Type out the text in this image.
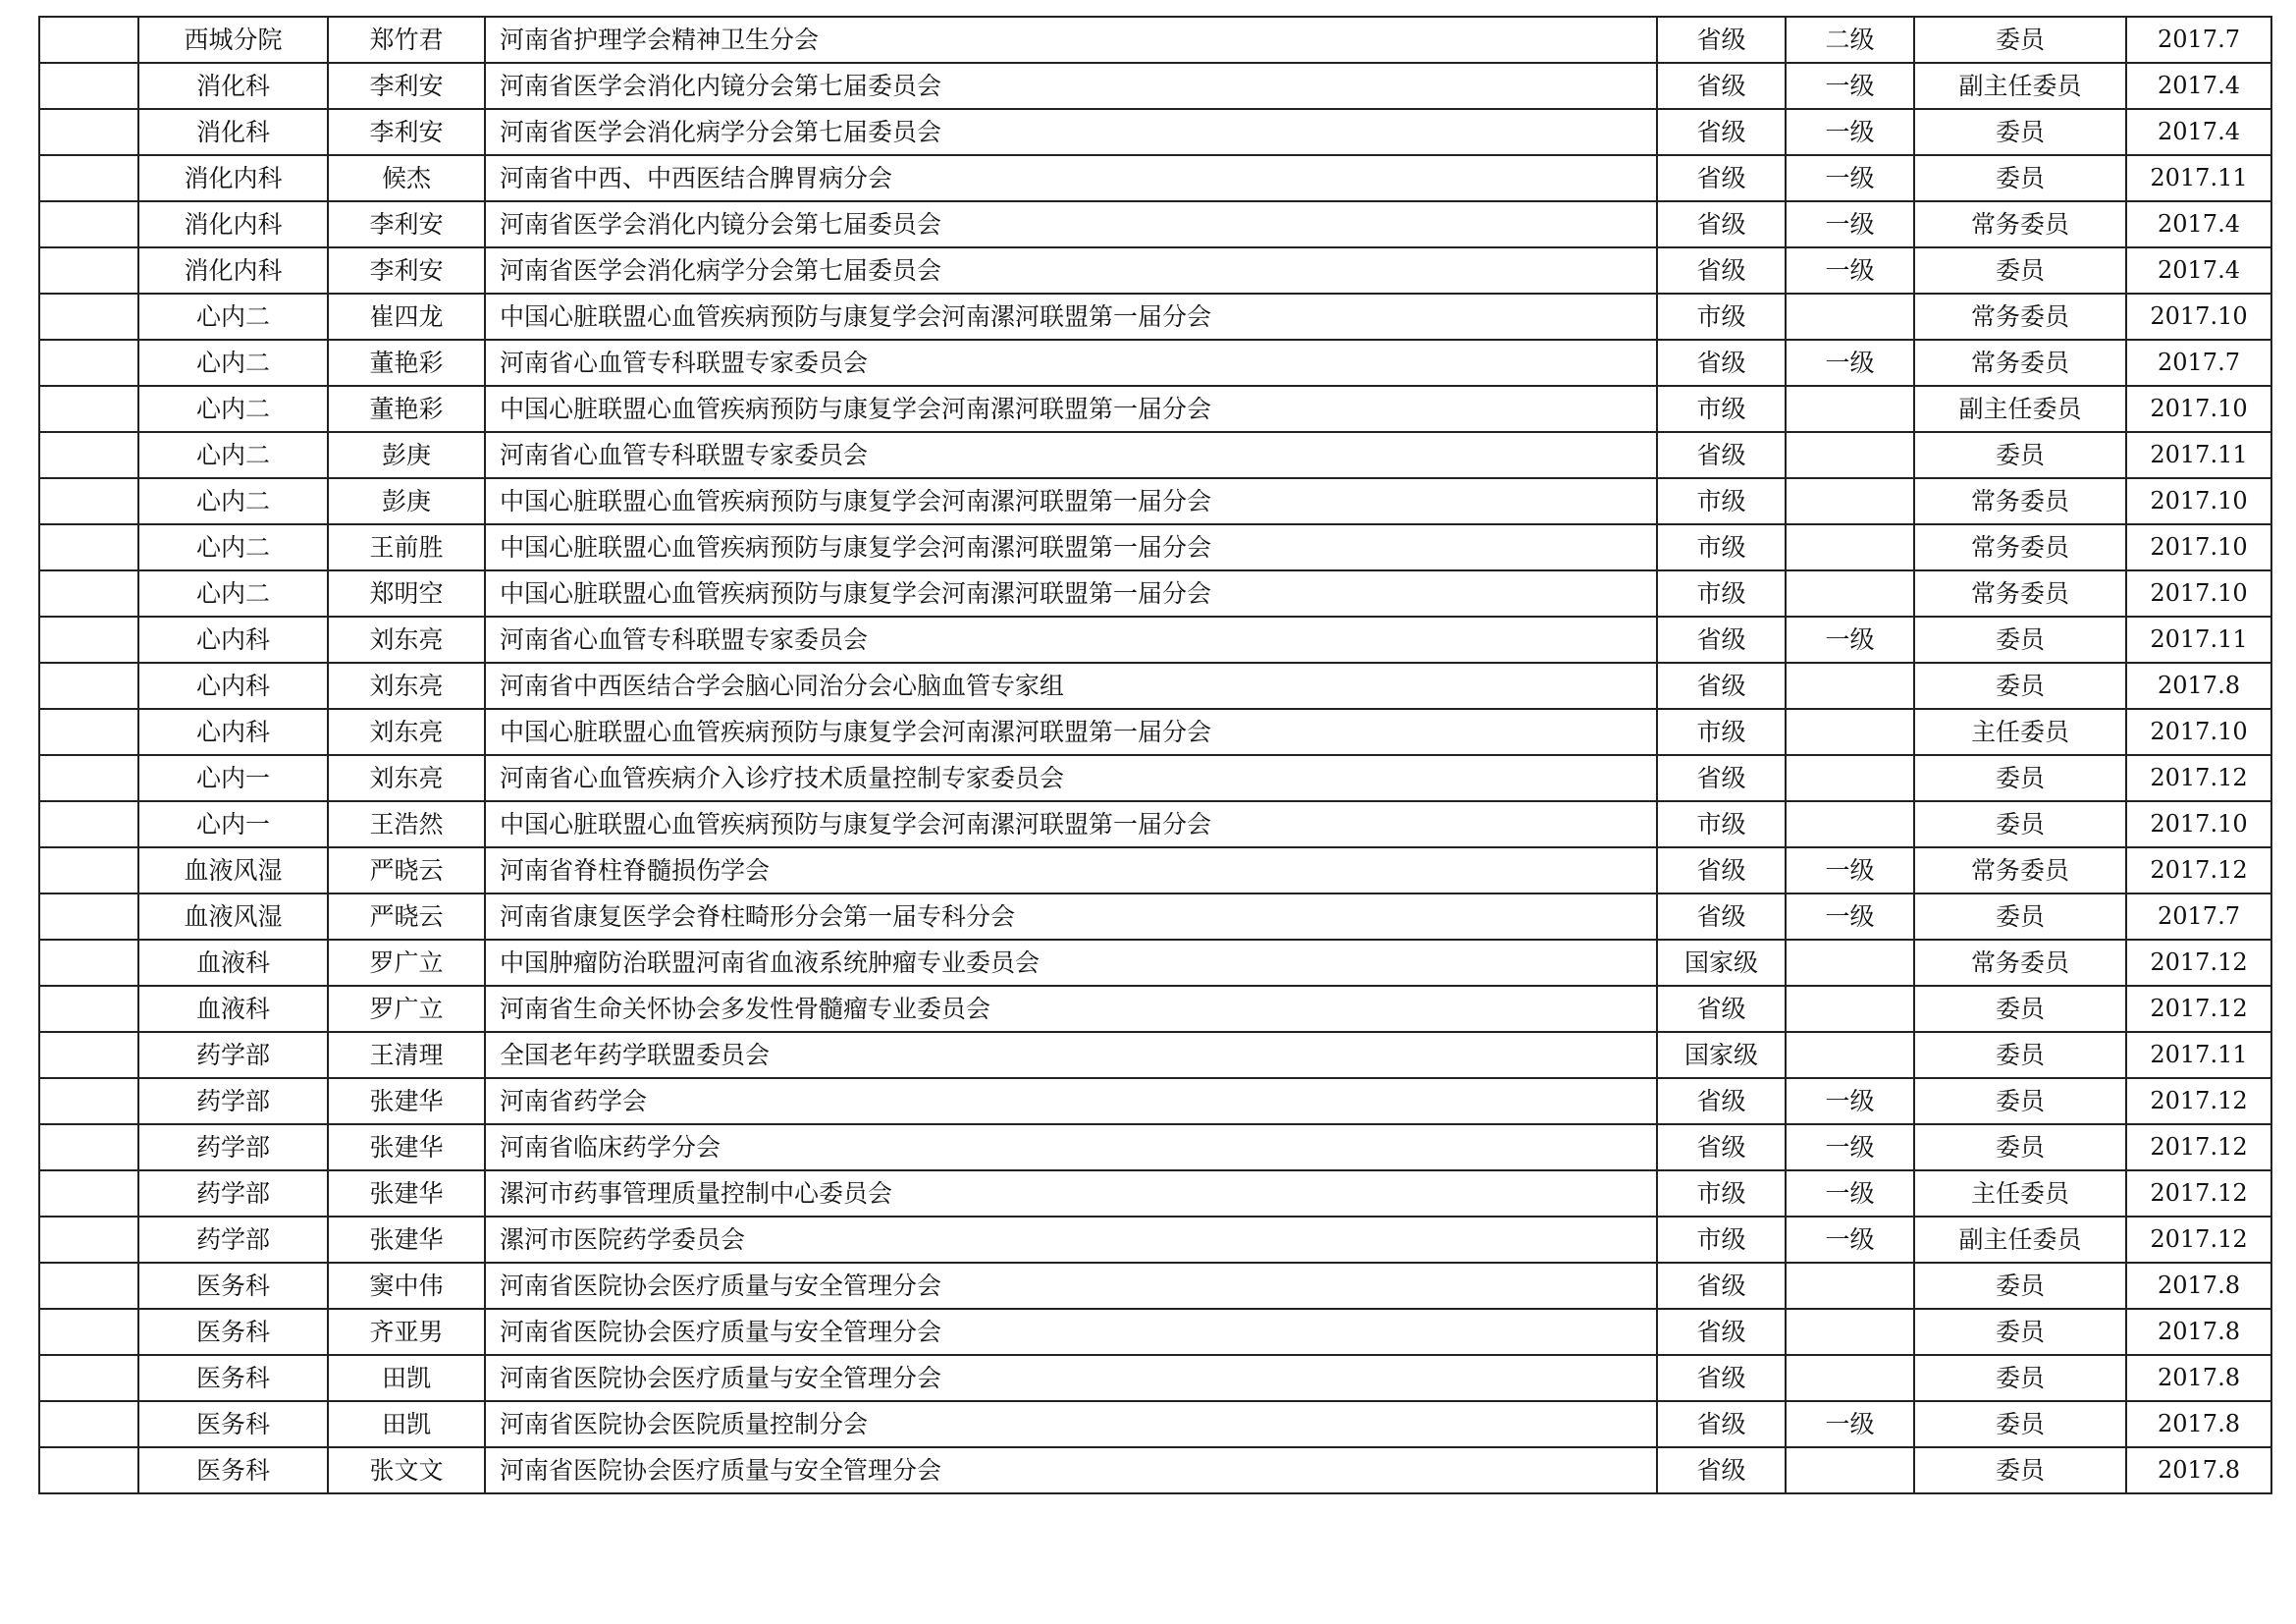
	西城分院	郑竹君	河南省护理学会精神卫生分会	省级	二级	委员	2017.7
	消化科	李利安	河南省医学会消化内镜分会第七届委员会	省级	一级	副主任委员	2017.4
	消化科	李利安	河南省医学会消化病学分会第七届委员会	省级	一级	委员	2017.4
	消化内科	候杰	河南省中西、中西医结合脾胃病分会	省级	一级	委员	2017.11
	消化内科	李利安	河南省医学会消化内镜分会第七届委员会	省级	一级	常务委员	2017.4
	消化内科	李利安	河南省医学会消化病学分会第七届委员会	省级	一级	委员	2017.4
	心内二	崔四龙	中国心脏联盟心血管疾病预防与康复学会河南漯河联盟第一届分会	市级		常务委员	2017.10
	心内二	董艳彩	河南省心血管专科联盟专家委员会	省级	一级	常务委员	2017.7
	心内二	董艳彩	中国心脏联盟心血管疾病预防与康复学会河南漯河联盟第一届分会	市级		副主任委员	2017.10
	心内二	彭庚	河南省心血管专科联盟专家委员会	省级		委员	2017.11
	心内二	彭庚	中国心脏联盟心血管疾病预防与康复学会河南漯河联盟第一届分会	市级		常务委员	2017.10
	心内二	王前胜	中国心脏联盟心血管疾病预防与康复学会河南漯河联盟第一届分会	市级		常务委员	2017.10
	心内二	郑明空	中国心脏联盟心血管疾病预防与康复学会河南漯河联盟第一届分会	市级		常务委员	2017.10
	心内科	刘东亮	河南省心血管专科联盟专家委员会	省级	一级	委员	2017.11
	心内科	刘东亮	河南省中西医结合学会脑心同治分会心脑血管专家组	省级		委员	2017.8
	心内科	刘东亮	中国心脏联盟心血管疾病预防与康复学会河南漯河联盟第一届分会	市级		主任委员	2017.10
	心内一	刘东亮	河南省心血管疾病介入诊疗技术质量控制专家委员会	省级		委员	2017.12
	心内一	王浩然	中国心脏联盟心血管疾病预防与康复学会河南漯河联盟第一届分会	市级		委员	2017.10
	血液风湿	严晓云	河南省脊柱脊髓损伤学会	省级	一级	常务委员	2017.12
	血液风湿	严晓云	河南省康复医学会脊柱畸形分会第一届专科分会	省级	一级	委员	2017.7
	血液科	罗广立	中国肿瘤防治联盟河南省血液系统肿瘤专业委员会	国家级		常务委员	2017.12
	血液科	罗广立	河南省生命关怀协会多发性骨髓瘤专业委员会	省级		委员	2017.12
	药学部	王清理	全国老年药学联盟委员会	国家级		委员	2017.11
	药学部	张建华	河南省药学会	省级	一级	委员	2017.12
	药学部	张建华	河南省临床药学分会	省级	一级	委员	2017.12
	药学部	张建华	漯河市药事管理质量控制中心委员会	市级	一级	主任委员	2017.12
	药学部	张建华	漯河市医院药学委员会	市级	一级	副主任委员	2017.12
	医务科	窦中伟	河南省医院协会医疗质量与安全管理分会	省级		委员	2017.8
	医务科	齐亚男	河南省医院协会医疗质量与安全管理分会	省级		委员	2017.8
	医务科	田凯	河南省医院协会医疗质量与安全管理分会	省级		委员	2017.8
	医务科	田凯	河南省医院协会医院质量控制分会	省级	一级	委员	2017.8
	医务科	张文文	河南省医院协会医疗质量与安全管理分会	省级		委员	2017.8
